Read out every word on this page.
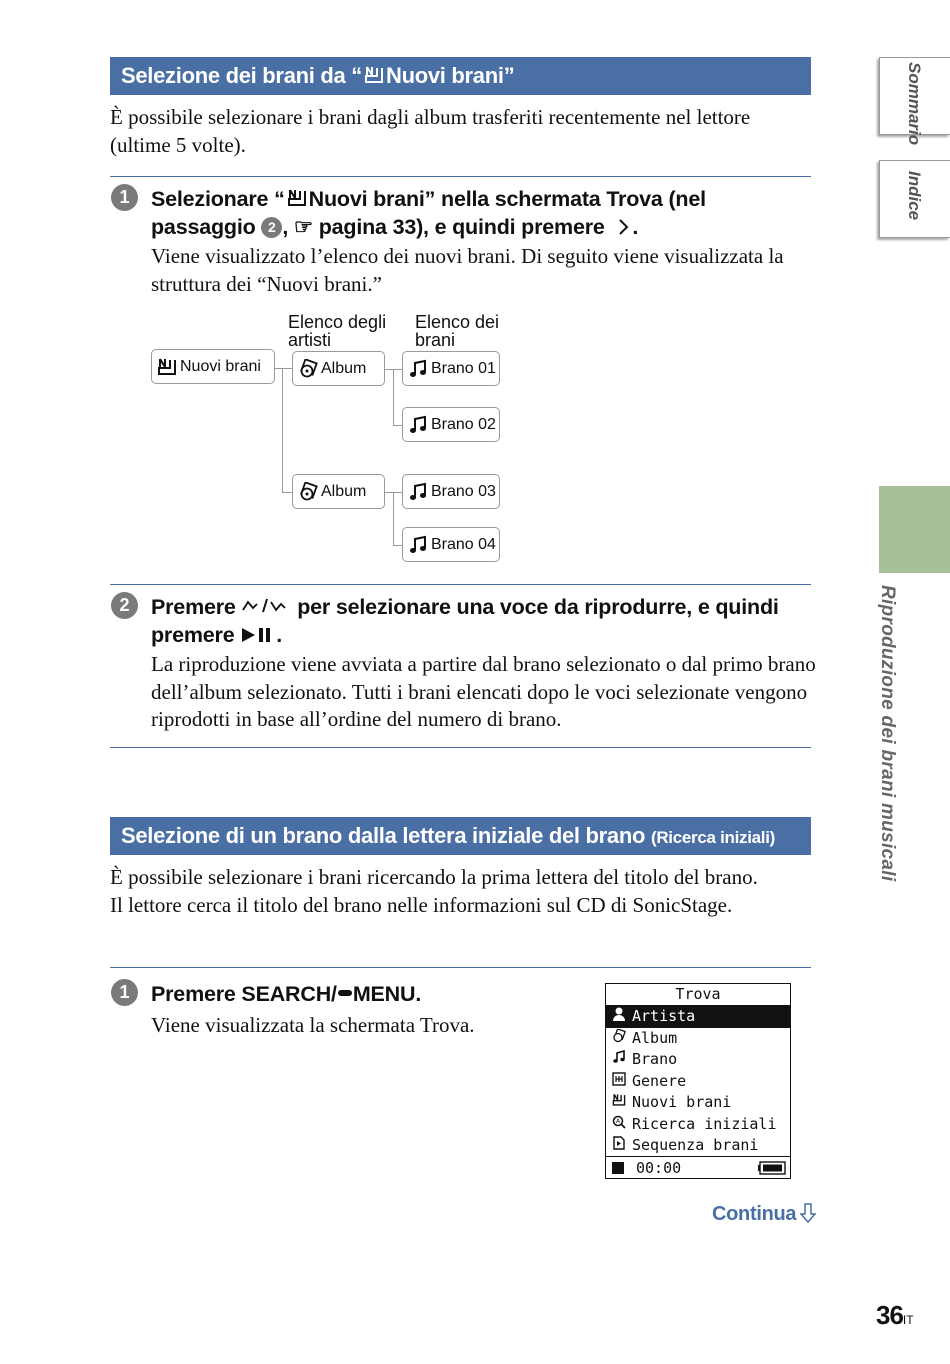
Sommario
Indice
Riproduzione dei brani musicali
Selezione dei brani da “ Nuovi brani”
È possibile selezionare i brani dagli album trasferiti recentemente nel lettore (ultime 5 volte).
1	Selezionare “ Nuovi brani” nella schermata Trova (nel passaggio 2 , ☞ pagina 33), e quindi premere .
Viene visualizzato l’elenco dei nuovi brani. Di seguito viene visualizzata la struttura dei “Nuovi brani.”
Elenco degli
artisti
Elenco dei
brani
Nuovi brani	Album	Brano 01
Brano 02
Album	Brano 03
Brano 04
2	Premere  per selezionare una voce da riprodurre, e quindi premere .
La riproduzione viene avviata a partire dal brano selezionato o dal primo brano dell’album selezionato. Tutti i brani elencati dopo le voci selezionate vengono riprodotti in base all’ordine del numero di brano.
Selezione di un brano dalla lettera iniziale del brano (Ricerca iniziali)
È possibile selezionare i brani ricercando la prima lettera del titolo del brano.
Il lettore cerca il titolo del brano nelle informazioni sul CD di SonicStage.
1	Premere SEARCH/ MENU.
Viene visualizzata la schermata Trova.
Trova
Artista
Album
Brano
Genere
Nuovi brani
A Ricerca iniziali
Sequenza brani
00:00
Continua
36IT
